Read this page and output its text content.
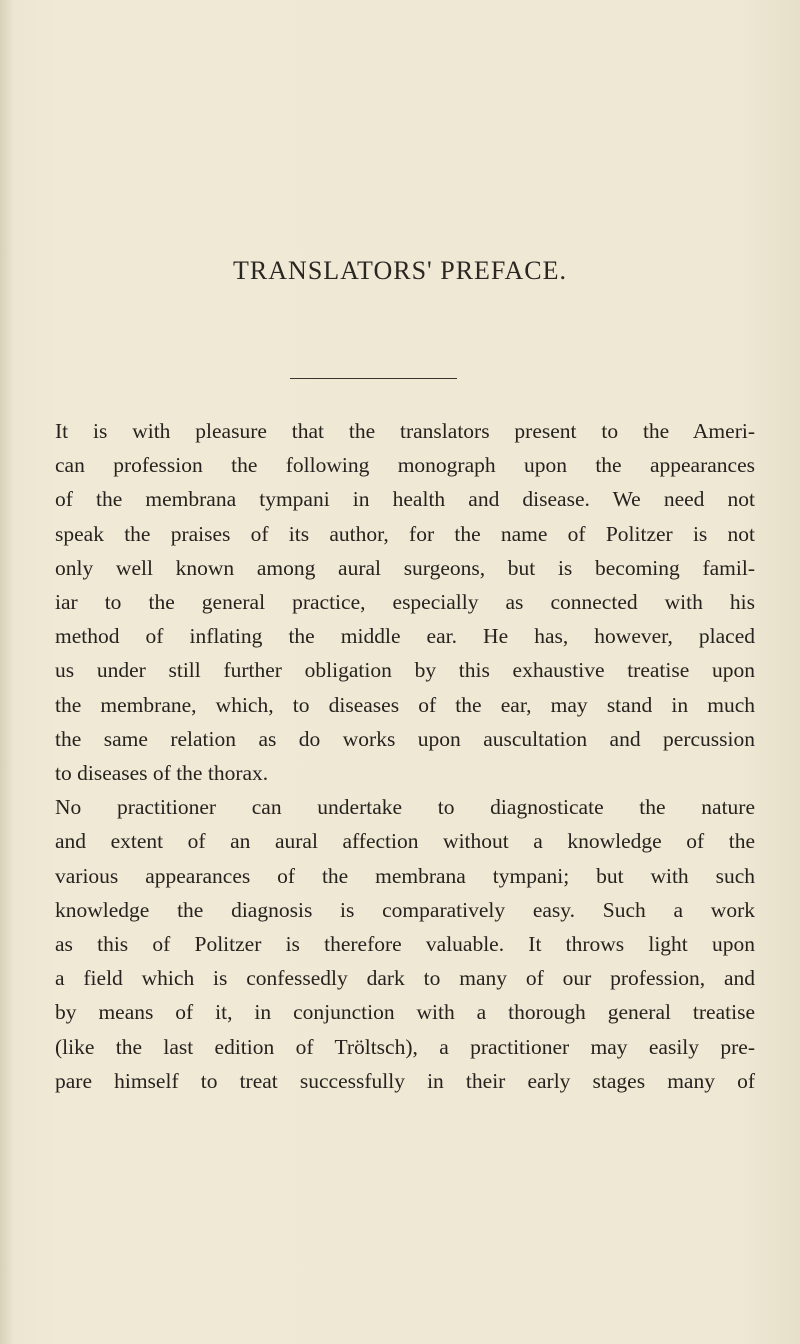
TRANSLATORS' PREFACE.

It is with pleasure that the translators present to the Ameri-
can profession the following monograph upon the appearances
of the membrana tympani in health and disease. We need not
speak the praises of its author, for the name of Politzer is not
only well known among aural surgeons, but is becoming famil-
iar to the general practice, especially as connected with his
method of inflating the middle ear. He has, however, placed
us under still further obligation by this exhaustive treatise upon
the membrane, which, to diseases of the ear, may stand in much
the same relation as do works upon auscultation and percussion
to diseases of the thorax.

No practitioner can undertake to diagnosticate the nature
and extent of an aural affection without a knowledge of the
various appearances of the membrana tympani; but with such
knowledge the diagnosis is comparatively easy. Such a work
as this of Politzer is therefore valuable. It throws light upon
a field which is confessedly dark to many of our profession, and
by means of it, in conjunction with a thorough general treatise
(like the last edition of Tröltsch), a practitioner may easily pre-
pare himself to treat successfully in their early stages many of
